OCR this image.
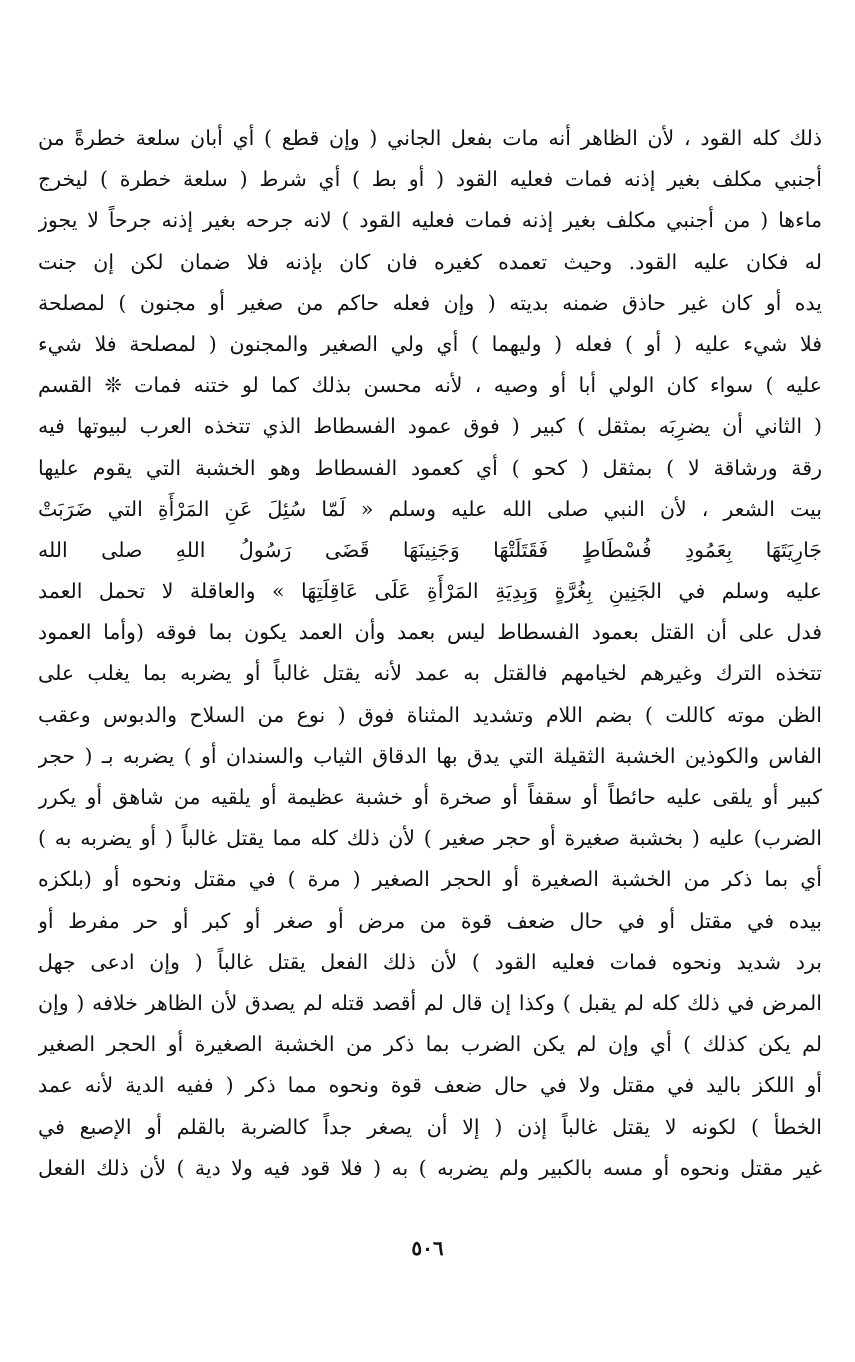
ذلك كله القود ، لأن الظاهر أنه مات بفعل الجاني ( وإن قطع ) أي أبان سلعة خطرةً من
أجنبي مكلف بغير إذنه فمات فعليه القود ( أو بط ) أي شرط ( سلعة خطرة ) ليخرج
ماءها ( من أجنبي مكلف بغير إذنه فمات فعليه القود ) لانه جرحه بغير إذنه جرحاً لا يجوز
له فكان عليه القود. وحيث تعمده كغيره فان كان بإذنه فلا ضمان لكن إن جنت
يده أو كان غير حاذق ضمنه بديته ( وإن فعله حاكم من صغير أو مجنون ) لمصلحة
فلا شيء عليه ( أو ) فعله ( وليهما ) أي ولي الصغير والمجنون ( لمصلحة فلا شيء
عليه ) سواء كان الولي أبا أو وصيه ، لأنه محسن بذلك كما لو ختنه فمات ❊ القسم
( الثاني أن يضرِبَه بمثقل ) كبير ( فوق عمود الفسطاط الذي تتخذه العرب لبيوتها فيه
رقة ورشاقة لا ) بمثقل ( كحو ) أي كعمود الفسطاط وهو الخشبة التي يقوم عليها
بيت الشعر ، لأن النبي صلى الله عليه وسلم « لَمّا سُئِلَ عَنِ المَرْأَةِ التي ضَرَبَتْ
جَارِيَتَهَا بِعَمُودِ فُسْطَاطٍ فَقَتَلَتْهَا وَجَنِينَهَا قَضَى رَسُولُ اللهِ صلى الله
عليه وسلم في الجَنِينِ بِغُرَّةٍ وَبِدِيَةِ المَرْأَةِ عَلَى عَاقِلَتِهَا » والعاقلة لا تحمل العمد
فدل على أن القتل بعمود الفسطاط ليس بعمد وأن العمد يكون بما فوقه (وأما العمود
تتخذه الترك وغيرهم لخيامهم فالقتل به عمد لأنه يقتل غالباً أو يضربه بما يغلب على
الظن موته كاللت ) بضم اللام وتشديد المثناة فوق ( نوع من السلاح والدبوس وعقب
الفاس والكوذين الخشبة الثقيلة التي يدق بها الدقاق الثياب والسندان أو ) يضربه بـ ( حجر
كبير أو يلقى عليه حائطاً أو سقفاً أو صخرة أو خشبة عظيمة أو يلقيه من شاهق أو يكرر
الضرب) عليه ( بخشبة صغيرة أو حجر صغير ) لأن ذلك كله مما يقتل غالباً ( أو يضربه به )
أي بما ذكر من الخشبة الصغيرة أو الحجر الصغير ( مرة ) في مقتل ونحوه أو (بلكزه
بيده في مقتل أو في حال ضعف قوة من مرض أو صغر أو كبر أو حر مفرط أو
برد شديد ونحوه فمات فعليه القود ) لأن ذلك الفعل يقتل غالباً ( وإن ادعى جهل
المرض في ذلك كله لم يقبل ) وكذا إن قال لم أقصد قتله لم يصدق لأن الظاهر خلافه ( وإن
لم يكن كذلك ) أي وإن لم يكن الضرب بما ذكر من الخشبة الصغيرة أو الحجر الصغير
أو اللكز باليد في مقتل ولا في حال ضعف قوة ونحوه مما ذكر ( ففيه الدية لأنه عمد
الخطأ ) لكونه لا يقتل غالباً إذن ( إلا أن يصغر جداً كالضربة بالقلم أو الإصبع في
غير مقتل ونحوه أو مسه بالكبير ولم يضربه ) به ( فلا قود فيه ولا دية ) لأن ذلك الفعل
٥٠٦
